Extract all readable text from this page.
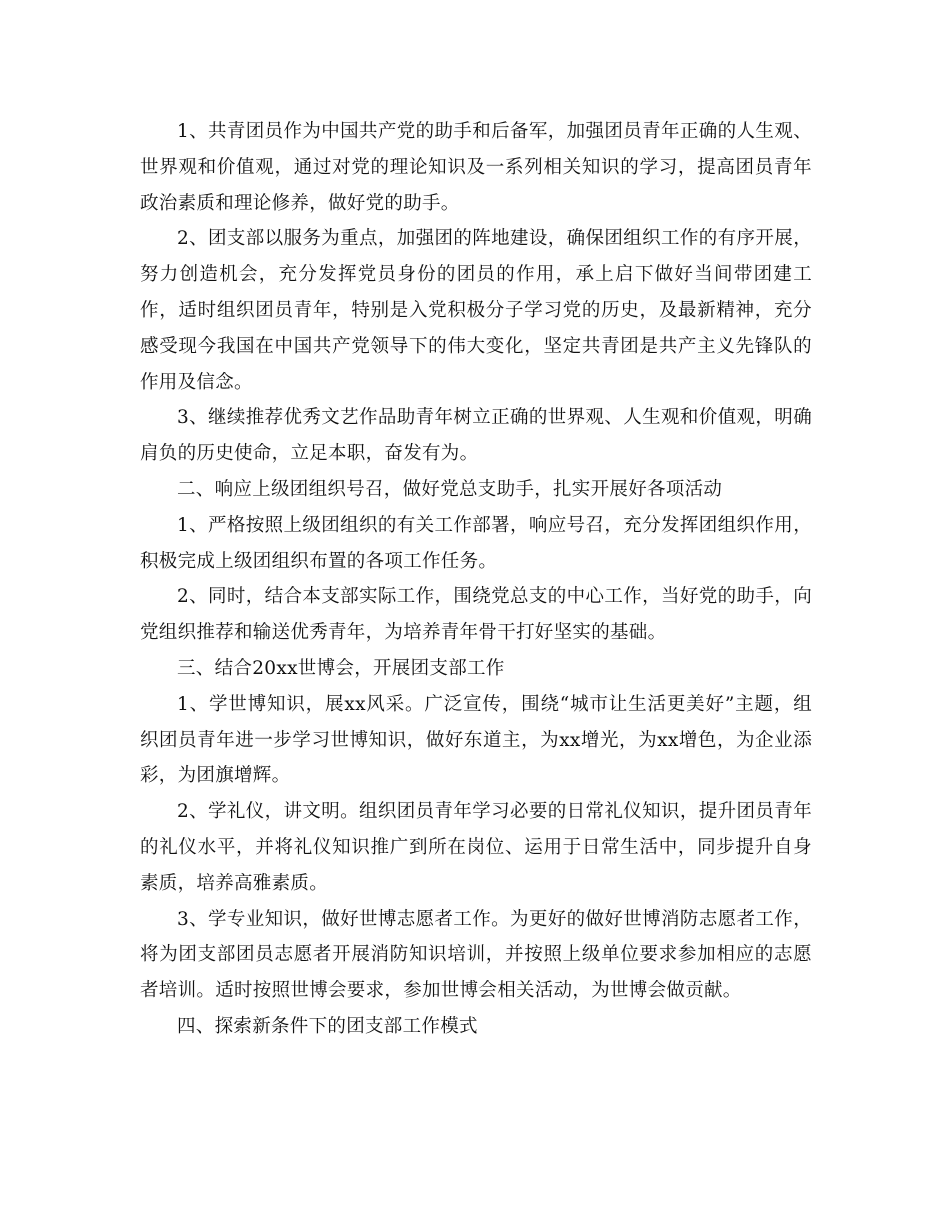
1、共青团员作为中国共产党的助手和后备军，加强团员青年正确的人生观、世界观和价值观，通过对党的理论知识及一系列相关知识的学习，提高团员青年政治素质和理论修养，做好党的助手。

2、团支部以服务为重点，加强团的阵地建设，确保团组织工作的有序开展，努力创造机会，充分发挥党员身份的团员的作用，承上启下做好当间带团建工作，适时组织团员青年，特别是入党积极分子学习党的历史，及最新精神，充分感受现今我国在中国共产党领导下的伟大变化，坚定共青团是共产主义先锋队的作用及信念。

3、继续推荐优秀文艺作品助青年树立正确的世界观、人生观和价值观，明确肩负的历史使命，立足本职，奋发有为。

二、响应上级团组织号召，做好党总支助手，扎实开展好各项活动

1、严格按照上级团组织的有关工作部署，响应号召，充分发挥团组织作用，积极完成上级团组织布置的各项工作任务。

2、同时，结合本支部实际工作，围绕党总支的中心工作，当好党的助手，向党组织推荐和输送优秀青年，为培养青年骨干打好坚实的基础。

三、结合20xx世博会，开展团支部工作

1、学世博知识，展xx风采。广泛宣传，围绕“城市让生活更美好”主题，组织团员青年进一步学习世博知识，做好东道主，为xx增光，为xx增色，为企业添彩，为团旗增辉。

2、学礼仪，讲文明。组织团员青年学习必要的日常礼仪知识，提升团员青年的礼仪水平，并将礼仪知识推广到所在岗位、运用于日常生活中，同步提升自身素质，培养高雅素质。

3、学专业知识，做好世博志愿者工作。为更好的做好世博消防志愿者工作，将为团支部团员志愿者开展消防知识培训，并按照上级单位要求参加相应的志愿者培训。适时按照世博会要求，参加世博会相关活动，为世博会做贡献。

四、探索新条件下的团支部工作模式
